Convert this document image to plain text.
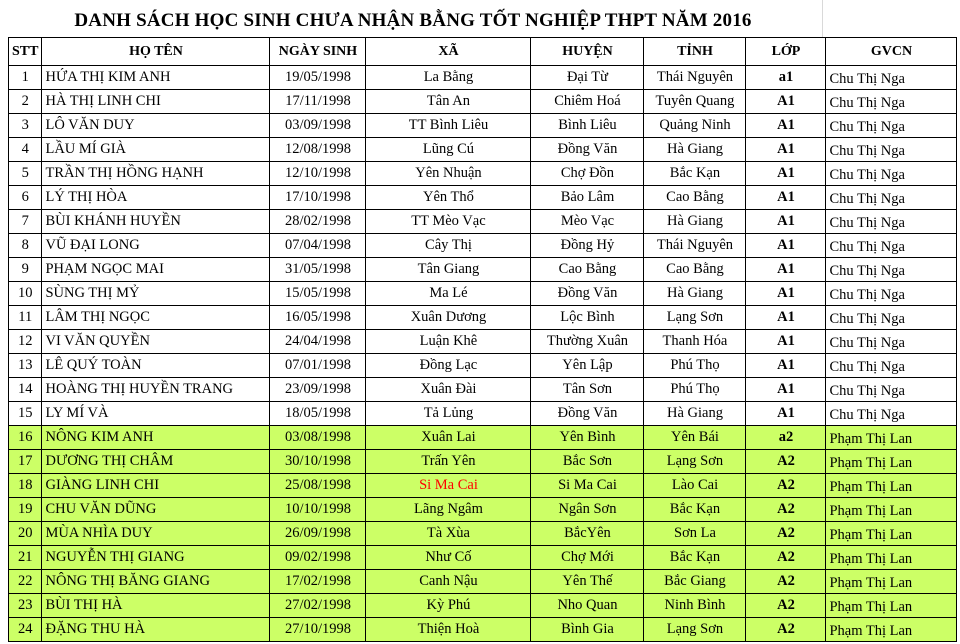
DANH SÁCH HỌC SINH CHƯA NHẬN BẰNG TỐT NGHIỆP THPT NĂM 2016
STT	HỌ TÊN	NGÀY SINH	XÃ	HUYỆN	TỈNH	LỚP	GVCN
1	HỨA THỊ KIM ANH	19/05/1998	La Bằng	Đại Từ	Thái Nguyên	a1	Chu Thị Nga
2	HÀ THỊ LINH CHI	17/11/1998	Tân An	Chiêm Hoá	Tuyên Quang	A1	Chu Thị Nga
3	LÔ VĂN DUY	03/09/1998	TT Bình Liêu	Bình Liêu	Quảng Ninh	A1	Chu Thị Nga
4	LẦU MÍ GIÀ	12/08/1998	Lũng Cú	Đồng Văn	Hà Giang	A1	Chu Thị Nga
5	TRẦN THỊ HỒNG HẠNH	12/10/1998	Yên Nhuận	Chợ Đồn	Bắc Kạn	A1	Chu Thị Nga
6	LÝ THỊ HÒA	17/10/1998	Yên Thổ	Bảo Lâm	Cao Bằng	A1	Chu Thị Nga
7	BÙI KHÁNH HUYỀN	28/02/1998	TT Mèo Vạc	Mèo Vạc	Hà Giang	A1	Chu Thị Nga
8	VŨ ĐẠI LONG	07/04/1998	Cây Thị	Đồng Hỷ	Thái Nguyên	A1	Chu Thị Nga
9	PHẠM NGỌC MAI	31/05/1998	Tân Giang	Cao Bằng	Cao Bằng	A1	Chu Thị Nga
10	SÙNG THỊ MỶ	15/05/1998	Ma Lé	Đồng Văn	Hà Giang	A1	Chu Thị Nga
11	LÂM THỊ NGỌC	16/05/1998	Xuân Dương	Lộc Bình	Lạng Sơn	A1	Chu Thị Nga
12	VI VĂN QUYỀN	24/04/1998	Luận Khê	Thường Xuân	Thanh Hóa	A1	Chu Thị Nga
13	LÊ QUÝ TOÀN	07/01/1998	Đồng Lạc	Yên Lập	Phú Thọ	A1	Chu Thị Nga
14	HOÀNG THỊ HUYỀN TRANG	23/09/1998	Xuân Đài	Tân Sơn	Phú Thọ	A1	Chu Thị Nga
15	LY MÍ VÀ	18/05/1998	Tả Lủng	Đồng Văn	Hà Giang	A1	Chu Thị Nga
16	NÔNG KIM ANH	03/08/1998	Xuân Lai	Yên Bình	Yên Bái	a2	Phạm Thị Lan
17	DƯƠNG THỊ CHÂM	30/10/1998	Trấn Yên	Bắc Sơn	Lạng Sơn	A2	Phạm Thị Lan
18	GIÀNG LINH CHI	25/08/1998	Si Ma Cai	Si Ma Cai	Lào Cai	A2	Phạm Thị Lan
19	CHU VĂN DŨNG	10/10/1998	Lãng Ngâm	Ngân Sơn	Bắc Kạn	A2	Phạm Thị Lan
20	MÙA NHÌA DUY	26/09/1998	Tà Xùa	BắcYên	Sơn La	A2	Phạm Thị Lan
21	NGUYỄN THỊ GIANG	09/02/1998	Như Cố	Chợ Mới	Bắc Kạn	A2	Phạm Thị Lan
22	NÔNG THỊ BĂNG GIANG	17/02/1998	Canh Nậu	Yên Thế	Bắc Giang	A2	Phạm Thị Lan
23	BÙI THỊ HÀ	27/02/1998	Kỳ Phú	Nho Quan	Ninh Bình	A2	Phạm Thị Lan
24	ĐẶNG THU HÀ	27/10/1998	Thiện Hoà	Bình Gia	Lạng Sơn	A2	Phạm Thị Lan
